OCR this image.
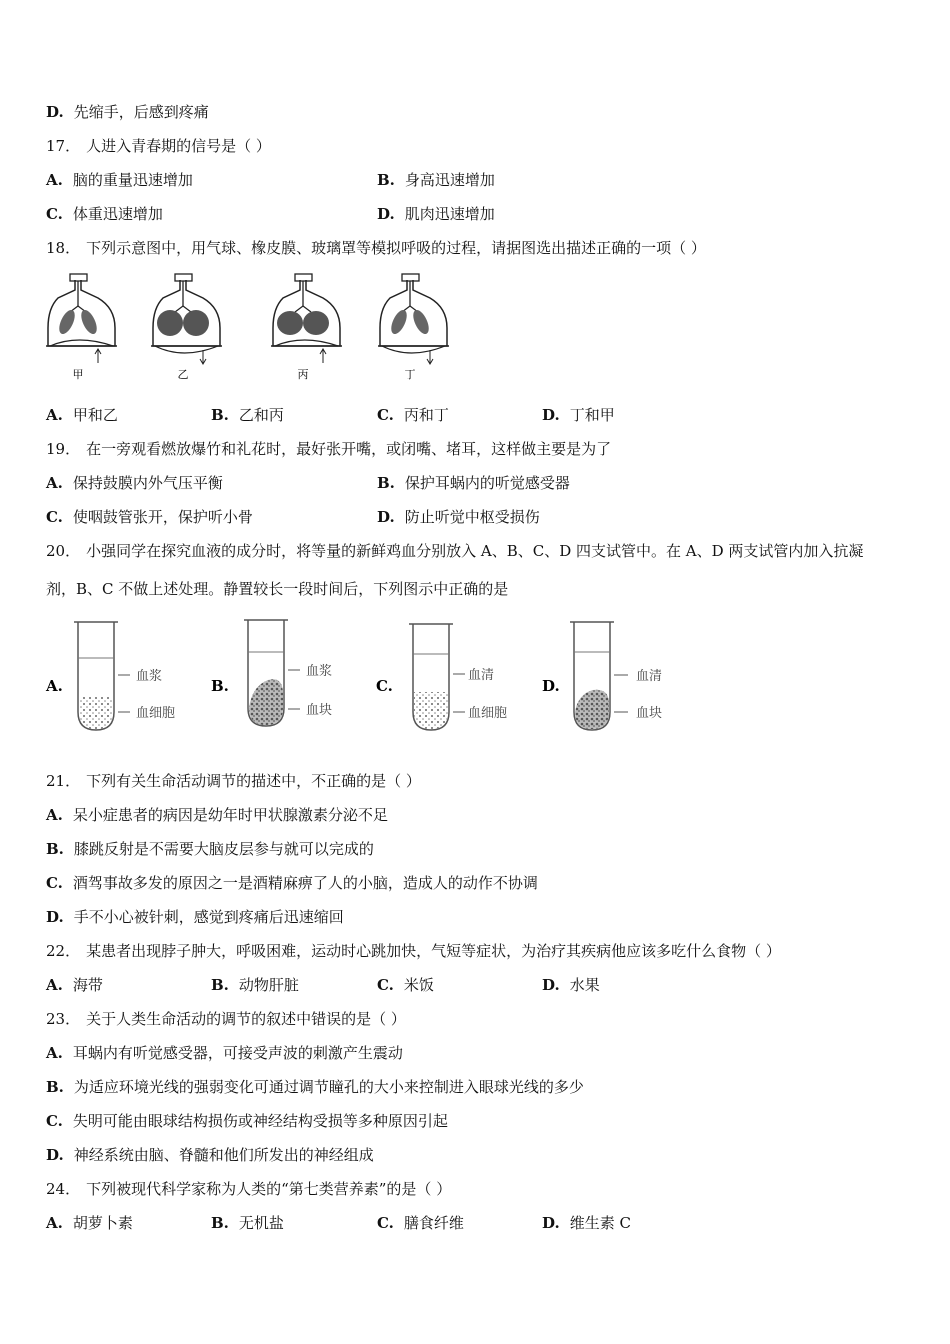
D. 先缩手，后感到疼痛
17． 人进入青春期的信号是（ ）
A. 脑的重量迅速增加	B. 身高迅速增加
C. 体重迅速增加	D. 肌肉迅速增加
18． 下列示意图中，用气球、橡皮膜、玻璃罩等模拟呼吸的过程，请据图选出描述正确的一项（ ）
甲	乙	丙	丁
A. 甲和乙	B. 乙和丙	C. 丙和丁	D. 丁和甲
19． 在一旁观看燃放爆竹和礼花时，最好张开嘴，或闭嘴、堵耳，这样做主要是为了
A. 保持鼓膜内外气压平衡	B. 保护耳蜗内的听觉感受器
C. 使咽鼓管张开，保护听小骨	D. 防止听觉中枢受损伤
20． 小强同学在探究血液的成分时，将等量的新鲜鸡血分别放入 A、B、C、D 四支试管中。在 A、D 两支试管内加入抗凝
剂，B、C 不做上述处理。静置较长一段时间后，下列图示中正确的是
A.
血浆
血细胞
B.
血浆
血块
C.
血清
血细胞
D.
血清
血块
21． 下列有关生命活动调节的描述中，不正确的是（ ）
A. 呆小症患者的病因是幼年时甲状腺激素分泌不足
B. 膝跳反射是不需要大脑皮层参与就可以完成的
C. 酒驾事故多发的原因之一是酒精麻痹了人的小脑，造成人的动作不协调
D. 手不小心被针刺，感觉到疼痛后迅速缩回
22． 某患者出现脖子肿大，呼吸困难，运动时心跳加快，气短等症状，为治疗其疾病他应该多吃什么食物（ ）
A. 海带	B. 动物肝脏	C. 米饭	D. 水果
23． 关于人类生命活动的调节的叙述中错误的是（ ）
A. 耳蜗内有听觉感受器，可接受声波的刺激产生震动
B. 为适应环境光线的强弱变化可通过调节瞳孔的大小来控制进入眼球光线的多少
C. 失明可能由眼球结构损伤或神经结构受损等多种原因引起
D. 神经系统由脑、脊髓和他们所发出的神经组成
24． 下列被现代科学家称为人类的“第七类营养素”的是（ ）
A. 胡萝卜素	B. 无机盐	C. 膳食纤维	D. 维生素 C
